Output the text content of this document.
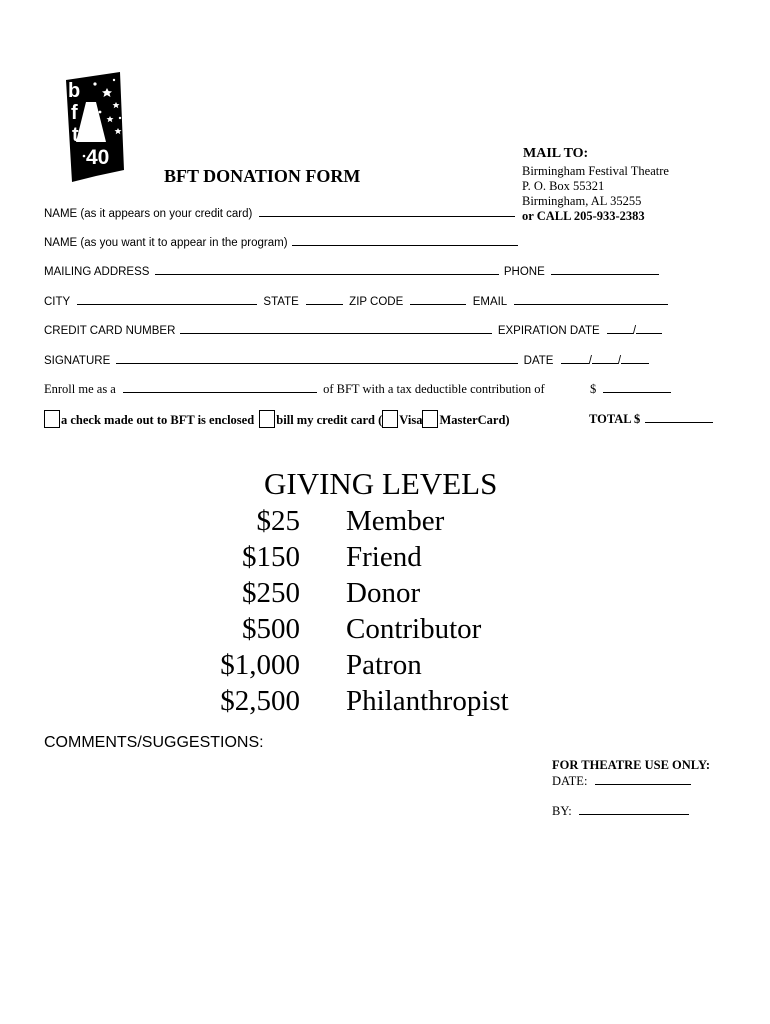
b
f
t
40
BFT DONATION FORM
MAIL TO:
Birmingham Festival Theatre
P. O. Box 55321
Birmingham, AL 35255
or CALL 205-933-2383
NAME (as it appears on your credit card)
NAME (as you want it to appear in the program)
MAILING ADDRESS	PHONE
CITY	STATE	ZIP CODE	EMAIL
CREDIT CARD NUMBER	EXPIRATION DATE	/
SIGNATURE	DATE	/ /
Enroll me as a	of BFT with a tax deductible contribution of	$
a check made out to BFT is enclosed bill my credit card ( Visa MasterCard)	TOTAL $
GIVING LEVELS
$25 Member
$150 Friend
$250 Donor
$500 Contributor
$1,000 Patron
$2,500 Philanthropist
COMMENTS/SUGGESTIONS:
FOR THEATRE USE ONLY:
DATE:
BY:
